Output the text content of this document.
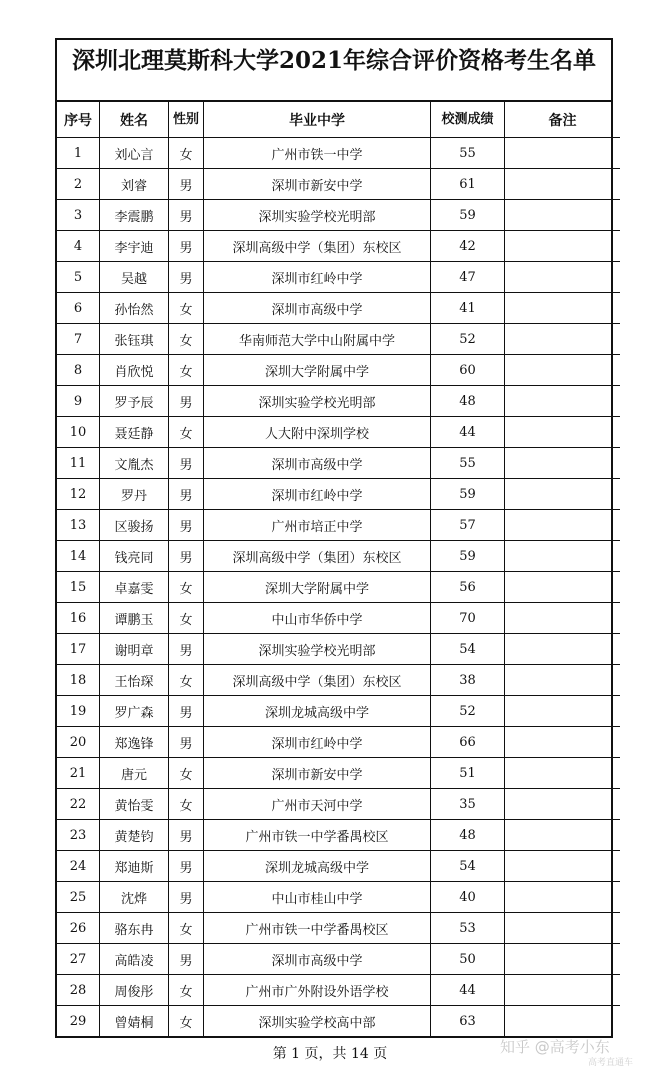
深圳北理莫斯科大学2021年综合评价资格考生名单
序号	姓名	性别	毕业中学	校测成绩	备注
1	刘心言	女	广州市铁一中学	55	
2	刘睿	男	深圳市新安中学	61	
3	李震鹏	男	深圳实验学校光明部	59	
4	李宇迪	男	深圳高级中学（集团）东校区	42	
5	吴越	男	深圳市红岭中学	47	
6	孙怡然	女	深圳市高级中学	41	
7	张钰琪	女	华南师范大学中山附属中学	52	
8	肖欣悦	女	深圳大学附属中学	60	
9	罗予辰	男	深圳实验学校光明部	48	
10	聂廷静	女	人大附中深圳学校	44	
11	文胤杰	男	深圳市高级中学	55	
12	罗丹	男	深圳市红岭中学	59	
13	区骏扬	男	广州市培正中学	57	
14	钱亮同	男	深圳高级中学（集团）东校区	59	
15	卓嘉雯	女	深圳大学附属中学	56	
16	谭鹏玉	女	中山市华侨中学	70	
17	谢明章	男	深圳实验学校光明部	54	
18	王怡琛	女	深圳高级中学（集团）东校区	38	
19	罗广森	男	深圳龙城高级中学	52	
20	郑逸锋	男	深圳市红岭中学	66	
21	唐元	女	深圳市新安中学	51	
22	黄怡雯	女	广州市天河中学	35	
23	黄楚钧	男	广州市铁一中学番禺校区	48	
24	郑迪斯	男	深圳龙城高级中学	54	
25	沈烨	男	中山市桂山中学	40	
26	骆东冉	女	广州市铁一中学番禺校区	53	
27	高皓凌	男	深圳市高级中学	50	
28	周俊彤	女	广州市广外附设外语学校	44	
29	曾婧桐	女	深圳实验学校高中部	63	
第 1 页，共 14 页	知乎 @高考小东
高考直通车
